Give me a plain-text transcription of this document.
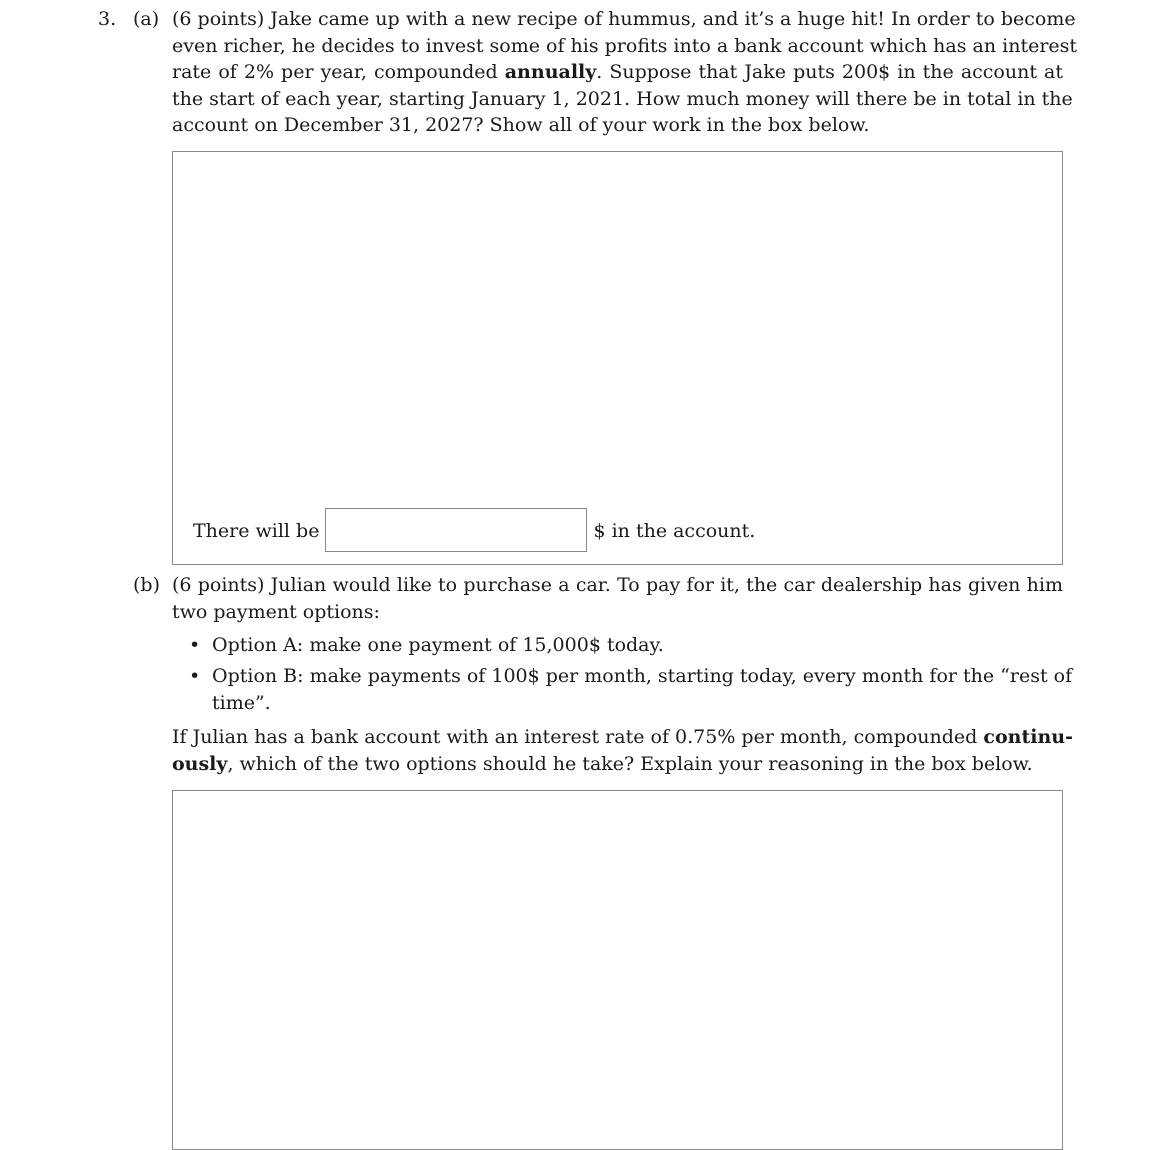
3. (a) (6 points) Jake came up with a new recipe of hummus, and it’s a huge hit! In order to become
even richer, he decides to invest some of his profits into a bank account which has an interest
rate of 2% per year, compounded annually. Suppose that Jake puts 200$ in the account at
the start of each year, starting January 1, 2021. How much money will there be in total in the
account on December 31, 2027? Show all of your work in the box below.
There will be	$ in the account.
(b) (6 points) Julian would like to purchase a car. To pay for it, the car dealership has given him
two payment options:
• Option A: make one payment of 15,000$ today.
• Option B: make payments of 100$ per month, starting today, every month for the “rest of
time”.
If Julian has a bank account with an interest rate of 0.75% per month, compounded continu-
ously, which of the two options should he take? Explain your reasoning in the box below.
